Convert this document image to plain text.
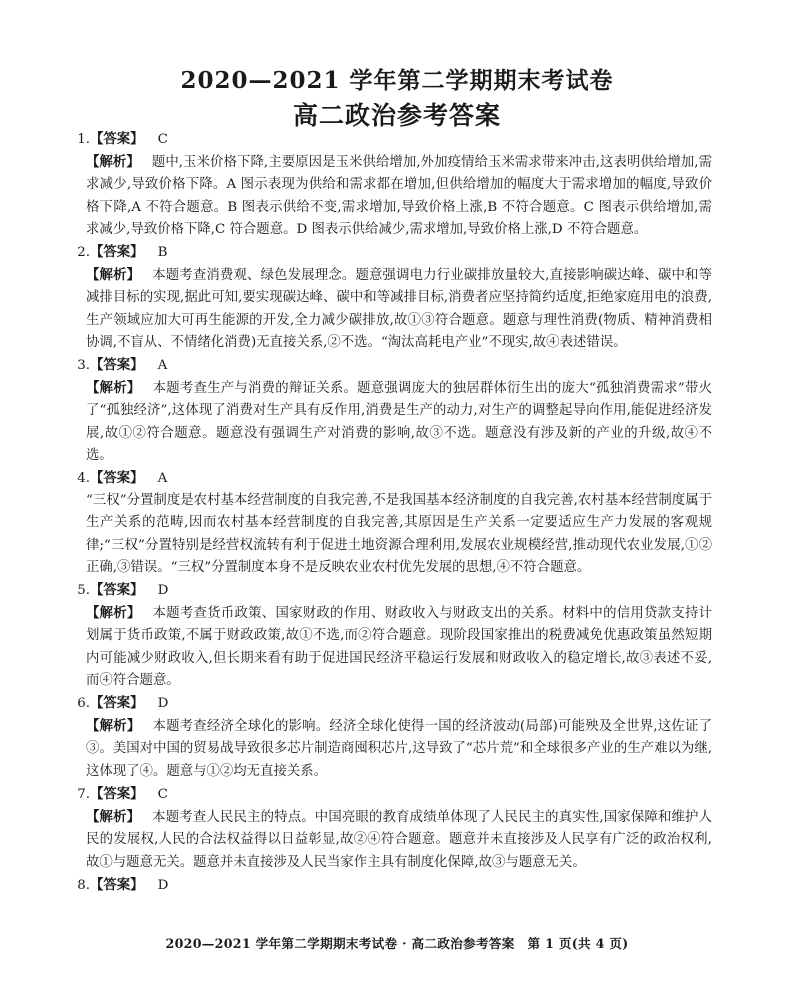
2020—2021 学年第二学期期末考试卷
高二政治参考答案
1.【答案】 C
【解析】 题中,玉米价格下降,主要原因是玉米供给增加,外加疫情给玉米需求带来冲击,这表明供给增加,需求减少,导致价格下降。A 图示表现为供给和需求都在增加,但供给增加的幅度大于需求增加的幅度,导致价格下降,A 不符合题意。B 图表示供给不变,需求增加,导致价格上涨,B 不符合题意。C 图表示供给增加,需求减少,导致价格下降,C 符合题意。D 图表示供给减少,需求增加,导致价格上涨,D 不符合题意。
2.【答案】 B
【解析】 本题考查消费观、绿色发展理念。题意强调电力行业碳排放量较大,直接影响碳达峰、碳中和等减排目标的实现,据此可知,要实现碳达峰、碳中和等减排目标,消费者应坚持简约适度,拒绝家庭用电的浪费,生产领域应加大可再生能源的开发,全力减少碳排放,故①③符合题意。题意与理性消费(物质、精神消费相协调,不盲从、不情绪化消费)无直接关系,②不选。“淘汰高耗电产业”不现实,故④表述错误。
3.【答案】 A
【解析】 本题考查生产与消费的辩证关系。题意强调庞大的独居群体衍生出的庞大“孤独消费需求”带火了“孤独经济”,这体现了消费对生产具有反作用,消费是生产的动力,对生产的调整起导向作用,能促进经济发展,故①②符合题意。题意没有强调生产对消费的影响,故③不选。题意没有涉及新的产业的升级,故④不选。
4.【答案】 A
“三权”分置制度是农村基本经营制度的自我完善,不是我国基本经济制度的自我完善,农村基本经营制度属于生产关系的范畴,因而农村基本经营制度的自我完善,其原因是生产关系一定要适应生产力发展的客观规律;“三权”分置特别是经营权流转有利于促进土地资源合理利用,发展农业规模经营,推动现代农业发展,①②正确,③错误。“三权”分置制度本身不是反映农业农村优先发展的思想,④不符合题意。
5.【答案】 D
【解析】 本题考查货币政策、国家财政的作用、财政收入与财政支出的关系。材料中的信用贷款支持计划属于货币政策,不属于财政政策,故①不选,而②符合题意。现阶段国家推出的税费减免优惠政策虽然短期内可能减少财政收入,但长期来看有助于促进国民经济平稳运行发展和财政收入的稳定增长,故③表述不妥,而④符合题意。
6.【答案】 D
【解析】 本题考查经济全球化的影响。经济全球化使得一国的经济波动(局部)可能殃及全世界,这佐证了③。美国对中国的贸易战导致很多芯片制造商囤积芯片,这导致了“芯片荒”和全球很多产业的生产难以为继,这体现了④。题意与①②均无直接关系。
7.【答案】 C
【解析】 本题考查人民民主的特点。中国亮眼的教育成绩单体现了人民民主的真实性,国家保障和维护人民的发展权,人民的合法权益得以日益彰显,故②④符合题意。题意并未直接涉及人民享有广泛的政治权利,故①与题意无关。题意并未直接涉及人民当家作主具有制度化保障,故③与题意无关。
8.【答案】 D
2020—2021 学年第二学期期末考试卷 · 高二政治参考答案　第 1 页(共 4 页)
